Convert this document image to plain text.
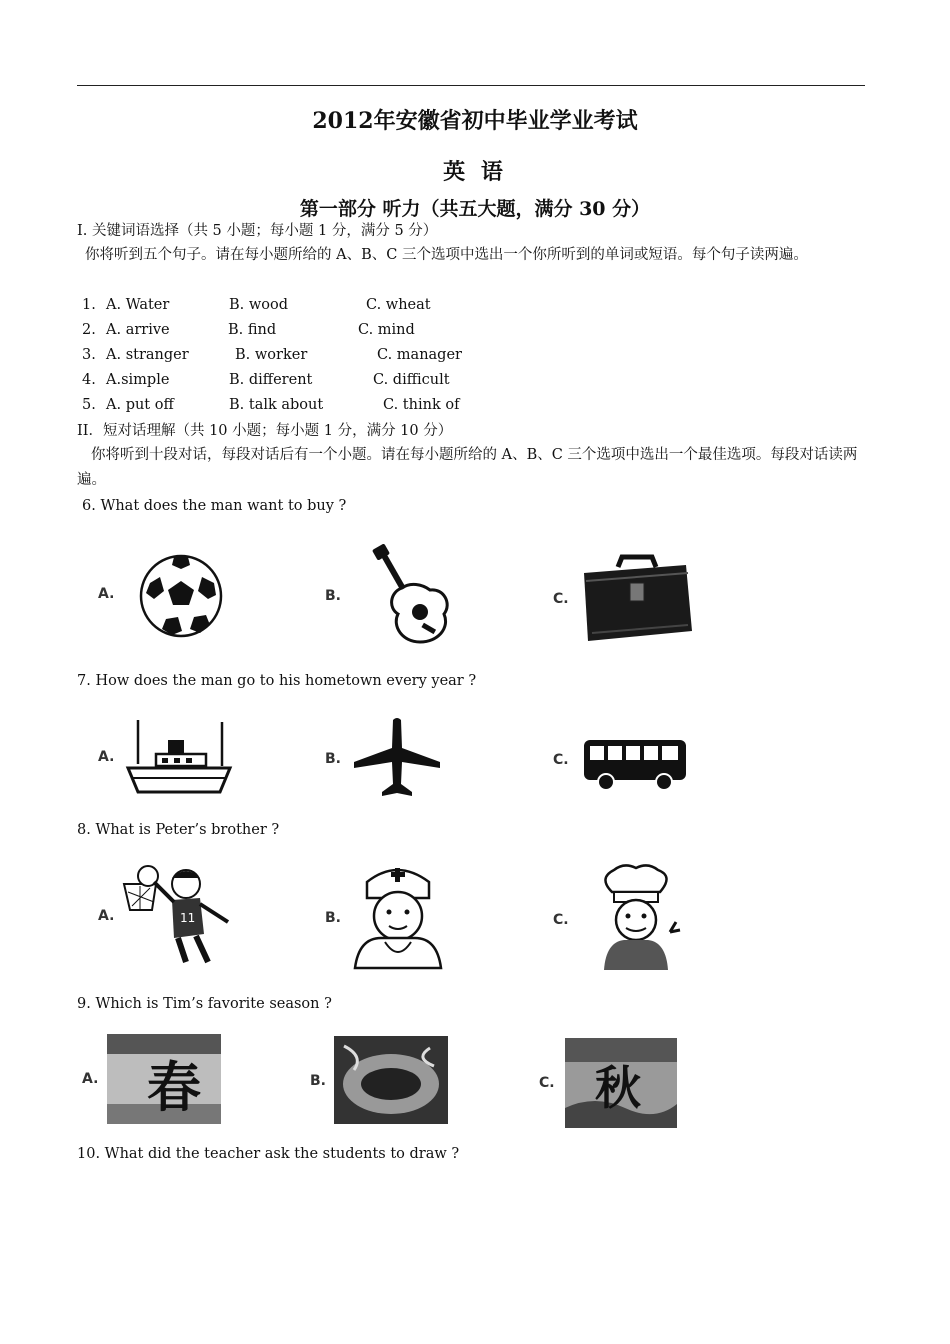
2012年安徽省初中毕业学业考试
英 语
第一部分 听力（共五大题，满分 30 分）
I. 关键词语选择（共 5 小题；每小题 1 分，满分 5 分）
你将听到五个句子。请在每小题所给的 A、B、C 三个选项中选出一个你所听到的单词或短语。每个句子读两遍。
1. A. Water	B. wood	C. wheat
2. A. arrive	B. find	C. mind
3. A. stranger	B. worker	C. manager
4. A.simple	B. different	C. difficult
5. A. put off	B. talk about	C. think of
II．短对话理解（共 10 小题；每小题 1 分，满分 10 分）
你将听到十段对话，每段对话后有一个小题。请在每小题所给的 A、B、C 三个选项中选出一个最佳选项。每段对话读两遍。
6. What does the man want to buy ?
A.	B.	C.
7. How does the man go to his hometown every year ?
A.	B.	C.
8. What is Peter’s brother ?
A.	B.	C.
11
9. Which is Tim’s favorite season ?
A.	B.	C.
春	秋
10. What did the teacher ask the students to draw ?
